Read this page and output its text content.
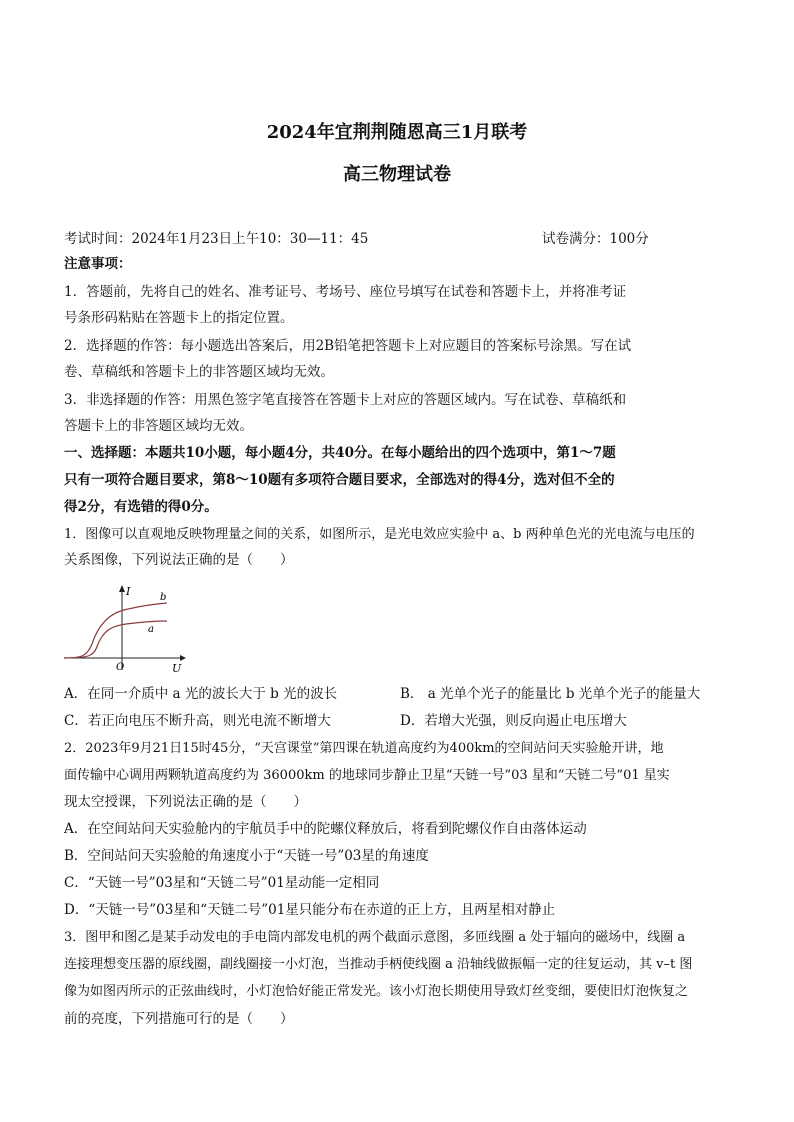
2024年宜荆荆随恩高三1月联考
高三物理试卷
考试时间：2024年1月23日上午10：30—11：45	试卷满分：100分
注意事项：
1．答题前，先将自己的姓名、准考证号、考场号、座位号填写在试卷和答题卡上，并将准考证
号条形码粘贴在答题卡上的指定位置。
2．选择题的作答：每小题选出答案后，用2B铅笔把答题卡上对应题目的答案标号涂黑。写在试
卷、草稿纸和答题卡上的非答题区域均无效。
3．非选择题的作答：用黑色签字笔直接答在答题卡上对应的答题区域内。写在试卷、草稿纸和
答题卡上的非答题区域均无效。
一、选择题：本题共10小题，每小题4分，共40分。在每小题给出的四个选项中，第1～7题
只有一项符合题目要求，第8～10题有多项符合题目要求，全部选对的得4分，选对但不全的
得2分，有选错的得0分。
1．图像可以直观地反映物理量之间的关系，如图所示，是光电效应实验中 a、b 两种单色光的光电流与电压的
关系图像，下列说法正确的是（　　）
I
U
O
b
a
A．在同一介质中 a 光的波长大于 b 光的波长	B． a 光单个光子的能量比 b 光单个光子的能量大
C．若正向电压不断升高，则光电流不断增大	D．若增大光强，则反向遏止电压增大
2．2023年9月21日15时45分，“天宫课堂”第四课在轨道高度约为400km的空间站问天实验舱开讲，地
面传输中心调用两颗轨道高度约为 36000km 的地球同步静止卫星“天链一号”03 星和“天链二号”01 星实
现太空授课，下列说法正确的是（　　）
A．在空间站问天实验舱内的宇航员手中的陀螺仪释放后，将看到陀螺仪作自由落体运动
B．空间站问天实验舱的角速度小于“天链一号”03星的角速度
C．“天链一号”03星和“天链二号”01星动能一定相同
D．“天链一号”03星和“天链二号”01星只能分布在赤道的正上方，且两星相对静止
3．图甲和图乙是某手动发电的手电筒内部发电机的两个截面示意图，多匝线圈 a 处于辐向的磁场中，线圈 a
连接理想变压器的原线圈，副线圈接一小灯泡，当推动手柄使线圈 a 沿轴线做振幅一定的往复运动，其 v–t 图
像为如图丙所示的正弦曲线时，小灯泡恰好能正常发光。该小灯泡长期使用导致灯丝变细，要使旧灯泡恢复之
前的亮度，下列措施可行的是（　　）
